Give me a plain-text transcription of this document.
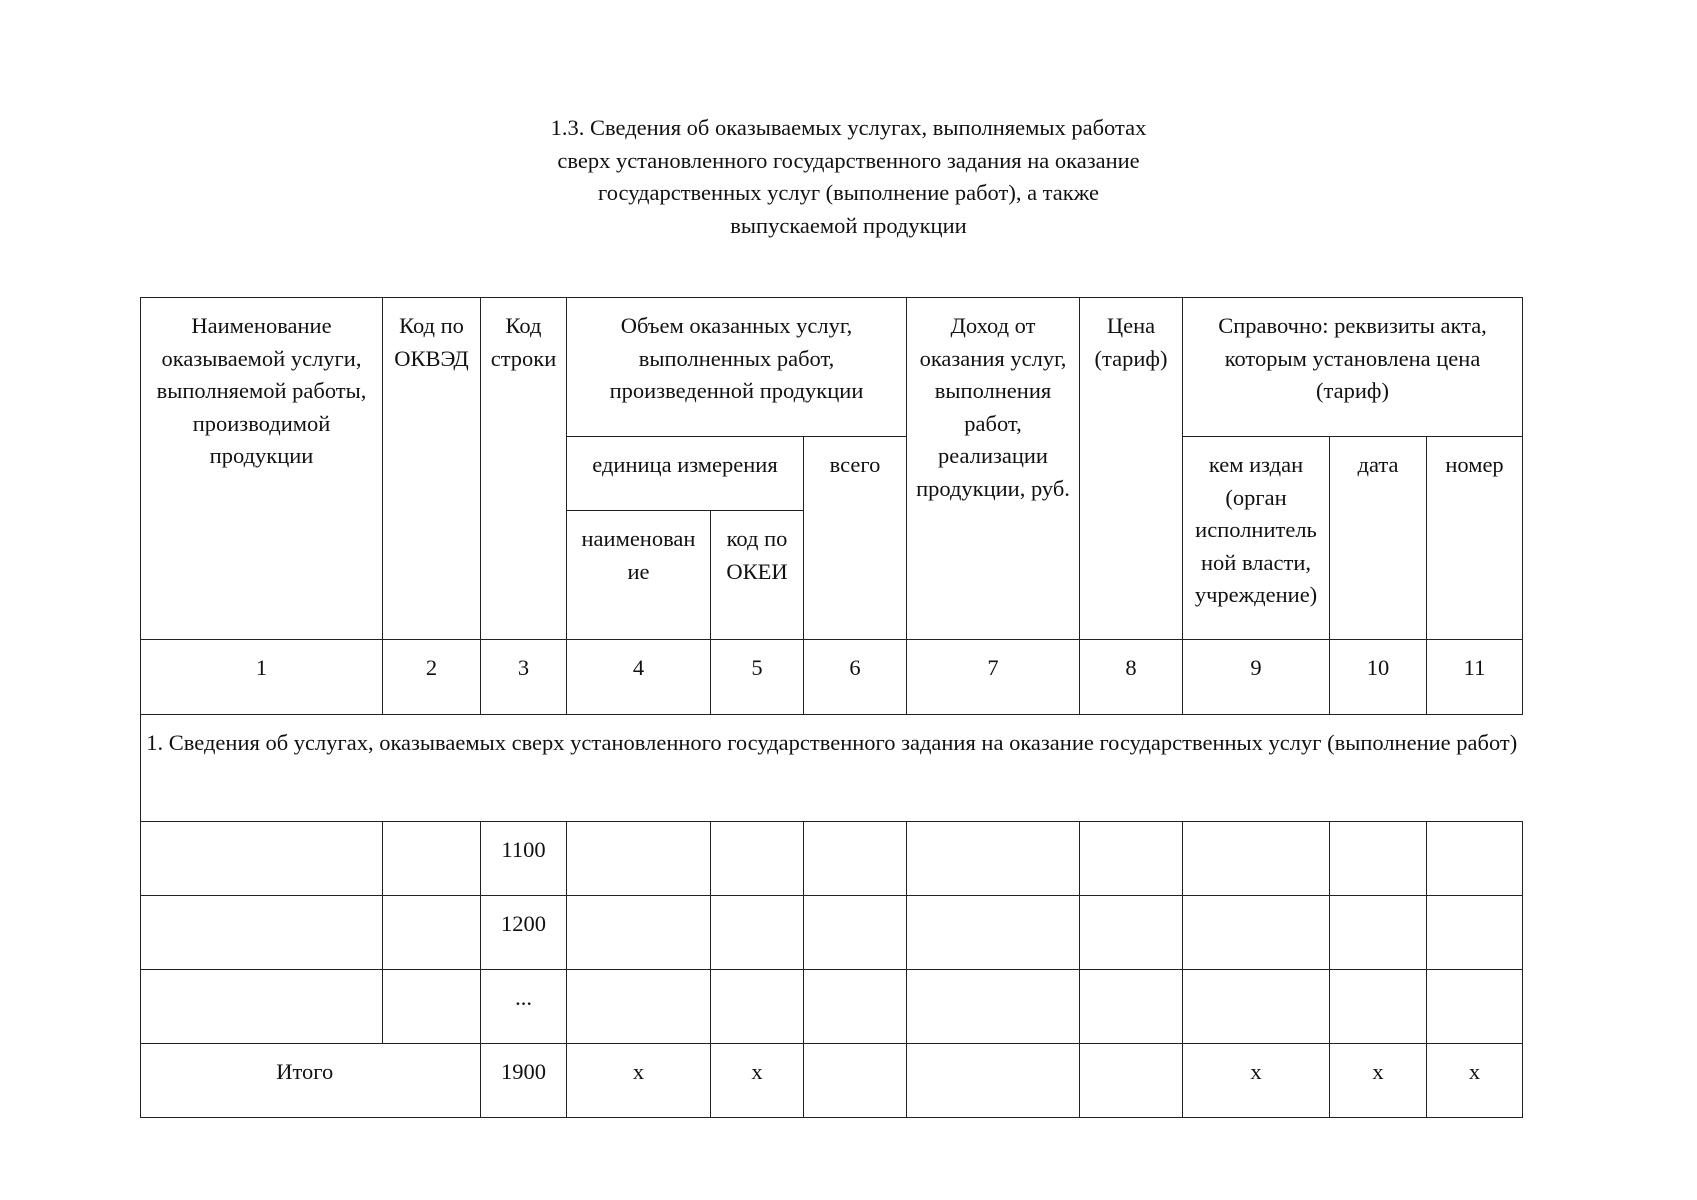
1.3. Сведения об оказываемых услугах, выполняемых работах
сверх установленного государственного задания на оказание
государственных услуг (выполнение работ), а также
выпускаемой продукции
Наименование оказываемой услуги, выполняемой работы, производимой продукции	Код по ОКВЭД	Код строки	Объем оказанных услуг, выполненных работ, произведенной продукции			Доход от оказания услуг, выполнения работ, реализации продукции, руб.	Цена (тариф)	Справочно: реквизиты акта, которым установлена цена (тариф)		
			единица измерения		всего			кем издан (орган исполнитель ной власти, учреждение)	дата	номер
			наименован ие	код по ОКЕИ						
1	2	3	4	5	6	7	8	9	10	11
1. Сведения об услугах, оказываемых сверх установленного государственного задания на оказание государственных услуг (выполнение работ)										
		1100								
		1200								
		...								
Итого		1900	x	x				x	x	x
